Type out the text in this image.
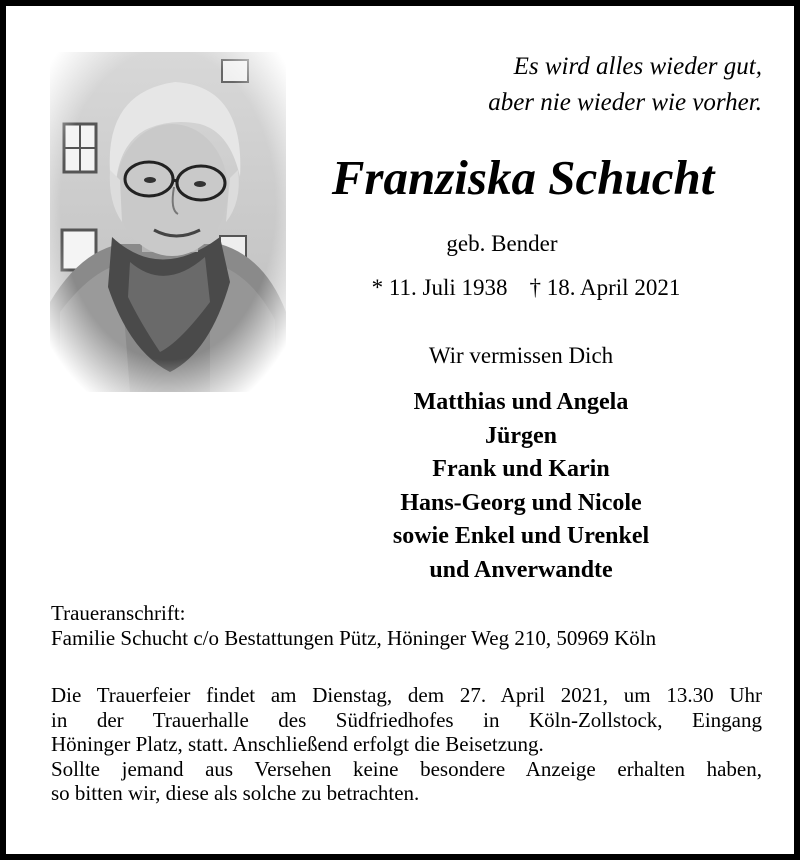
Es wird alles wieder gut,
aber nie wieder wie vorher.
Franziska Schucht
geb. Bender
* 11. Juli 1938 † 18. April 2021
Wir vermissen Dich
Matthias und Angela
Jürgen
Frank und Karin
Hans-Georg und Nicole
sowie Enkel und Urenkel
und Anverwandte
Traueranschrift:
Familie Schucht c/o Bestattungen Pütz, Höninger Weg 210, 50969 Köln
Die Trauerfeier findet am Dienstag, dem 27. April 2021, um 13.30 Uhr
in der Trauerhalle des Südfriedhofes in Köln-Zollstock, Eingang
Höninger Platz, statt. Anschließend erfolgt die Beisetzung.
Sollte jemand aus Versehen keine besondere Anzeige erhalten haben,
so bitten wir, diese als solche zu betrachten.
